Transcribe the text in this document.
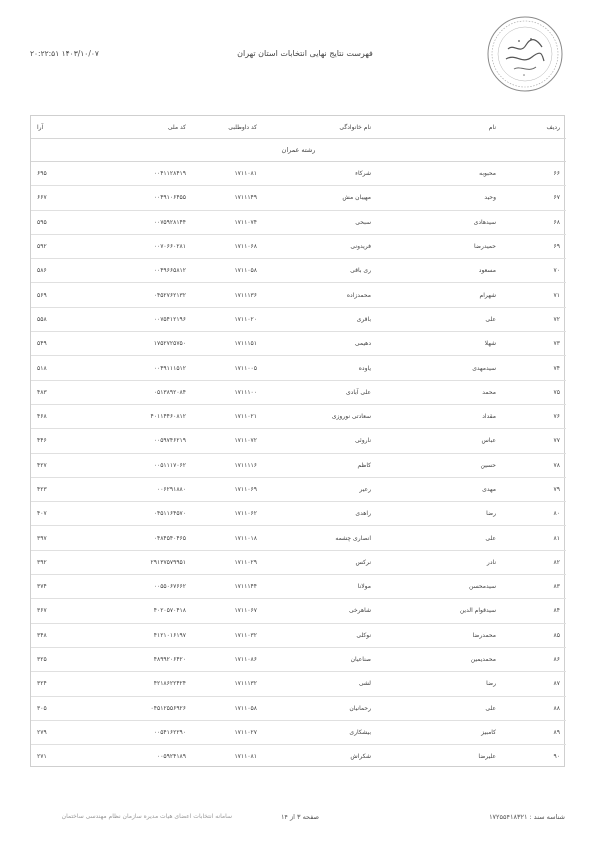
فهرست نتایج نهایی انتخابات استان تهران
۱۴۰۳/۱۰/۰۷ ۲۰:۲۲:۵۱
رشته عمران					
ردیف	نام	نام خانوادگی	کد داوطلبی	کد ملی	آرا
۶۶	محبوبه	شرکاء	۱۷۱۱۰۸۱	۰۰۴۱۱۲۸۴۱۹	۶۹۵
۶۷	وحید	مهیبان مش	۱۷۱۱۱۴۹	۰۰۴۹۱۰۶۴۵۵	۶۶۷
۶۸	سیدهادی	سبحی	۱۷۱۱۰۷۴	۰۰۷۵۹۲۸۱۴۴	۵۹۵
۶۹	حمیدرضا	فریدونی	۱۷۱۱۰۶۸	۰۰۷۰۶۶۰۲۸۱	۵۹۲
۷۰	مسعود	ری باقی	۱۷۱۱۰۵۸	۰۰۴۹۶۶۵۸۱۲	۵۸۶
۷۱	شهرام	محمدزاده	۱۷۱۱۱۳۶	۰۴۵۲۷۶۲۱۳۲	۵۶۹
۷۲	علی	باقری	۱۷۱۱۰۲۰	۰۰۷۵۴۱۲۱۹۶	۵۵۸
۷۳	شهلا	دهیمی	۱۷۱۱۱۵۱	۱۷۵۲۷۲۵۷۵۰	۵۴۹
۷۴	سیدمهدی	یاوده	۱۷۱۱۰۰۵	۰۰۴۹۱۱۱۵۱۲	۵۱۸
۷۵	محمد	علی آبادی	۱۷۱۱۱۰۰	۰۵۱۳۸۹۲۰۸۴	۴۸۳
۷۶	مقداد	سعادتی نوروزی	۱۷۱۱۰۲۱	۴۰۱۱۴۴۶۰۸۱۲	۴۶۸
۷۷	عباس	ناروئی	۱۷۱۱۰۷۲	۰۰۵۹۷۴۶۲۱۹	۴۴۶
۷۸	حسین	کاظم	۱۷۱۱۱۱۶	۰۰۵۱۱۱۷۰۶۲	۴۲۷
۷۹	مهدی	رعیر	۱۷۱۱۰۶۹	۰۰۶۲۹۱۸۸۰	۴۲۳
۸۰	رضا	راهدی	۱۷۱۱۰۶۲	۰۴۵۱۱۶۴۵۷۰	۴۰۷
۸۱	علی	انصاری چشمه	۱۷۱۱۰۱۸	۰۴۸۴۵۴۰۴۶۵	۳۹۷
۸۲	نادر	نرکس	۱۷۱۱۰۲۹	۲۹۱۳۷۵۷۹۹۵۱	۳۹۲
۸۳	سیدمحسن	مولانا	۱۷۱۱۱۴۴	۰۰۵۵۰۶۷۶۶۲	۳۷۴
۸۴	سیدقوام الدین	شاهرخی	۱۷۱۱۰۶۷	۴۰۲۰۵۷۰۴۱۸	۳۶۷
۸۵	محمدرضا	نوکلی	۱۷۱۱۰۳۲	۴۱۲۱۰۱۶۱۹۷	۳۴۸
۸۶	محمدیمین	صناعیان	۱۷۱۱۰۸۶	۴۸۹۹۲۰۶۴۲۰	۳۲۵
۸۷	رضا	لشی	۱۷۱۱۱۳۲	۴۲۱۸۶۲۲۴۲۴	۳۲۴
۸۸	علی	رحمانیان	۱۷۱۱۰۵۸	۰۴۵۱۲۵۵۶۹۲۶	۳۰۵
۸۹	کامبیز	بیشکاری	۱۷۱۱۰۲۷	۰۰۵۴۱۶۲۲۹۰	۲۷۹
۹۰	علیرضا	شکراش	۱۷۱۱۰۸۱	۰۰۵۹۲۴۱۸۹	۲۷۱
سامانه انتخابات اعضای هیات مدیره سازمان نظام مهندسی ساختمان	صفحه ۳ از ۱۴	شناسه سند : ۱۷۲۵۵۴۱۸۳۲۱
